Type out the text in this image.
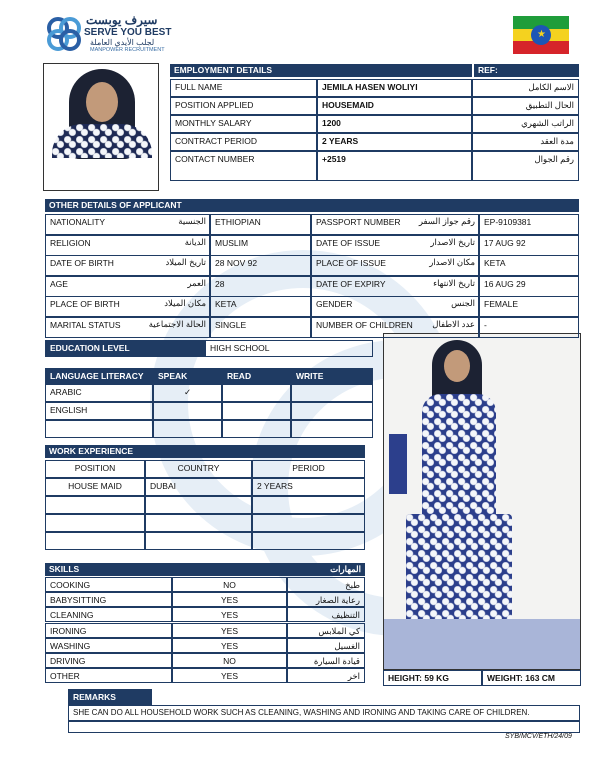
سيرف يوبست
SERVE YOU BEST
لجلب الأيدي العاملة
MANPOWER RECRUITMENT
★
EMPLOYMENT DETAILS	REF:
OTHER DETAILS OF APPLICANT
EDUCATION LEVEL	HIGH SCHOOL
WORK EXPERIENCE
SKILLS	المهارات
HEIGHT: 59 KG	WEIGHT: 163 CM
REMARKS
SHE CAN DO ALL HOUSEHOLD WORK SUCH AS CLEANING, WASHING AND IRONING AND TAKING CARE OF CHILDREN.
SYB/MCV/ETH/24/09
FULL NAME	JEMILA HASEN WOLIYI	الاسم الكامل
POSITION APPLIED	HOUSEMAID	الحال التطبيق
MONTHLY SALARY	1200	الراتب الشهري
CONTRACT PERIOD	2 YEARS	مدة العقد
CONTACT NUMBER	+2519	رقم الجوال
NATIONALITY	الجنسية	ETHIOPIAN	PASSPORT NUMBER	رقم جواز السفر	EP-9109381
RELIGION	الديانة	MUSLIM	DATE OF ISSUE	تاريخ الاصدار	17 AUG 92
DATE OF BIRTH	تاريخ الميلاد	28 NOV 92	PLACE OF ISSUE	مكان الاصدار	KETA
AGE	العمر	28	DATE OF EXPIRY	تاريخ الانتهاء	16 AUG 29
PLACE OF BIRTH	مكان الميلاد	KETA	GENDER	الجنس	FEMALE
MARITAL STATUS	الحالة الاجتماعية	SINGLE	NUMBER OF CHILDREN	عدد الاطفال	-
LANGUAGE LITERACY	SPEAK	READ	WRITE
ARABIC	✓
ENGLISH
POSITION	COUNTRY	PERIOD
HOUSE MAID	DUBAI	2 YEARS
COOKING	NO	طبخ
BABYSITTING	YES	رعاية الصغار
CLEANING	YES	التنظيف
IRONING	YES	كي الملابس
WASHING	YES	الغسيل
DRIVING	NO	قيادة السيارة
OTHER	YES	اخر
